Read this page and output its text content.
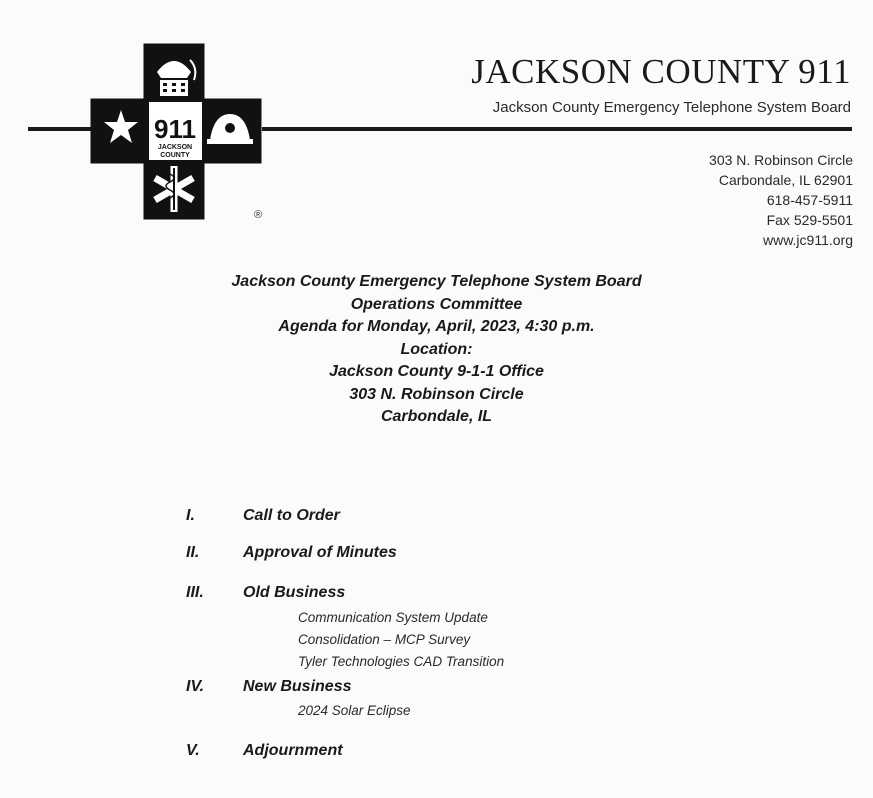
911
JACKSON
COUNTY
JACKSON COUNTY 911
Jackson County Emergency Telephone System Board
®
303 N. Robinson Circle
Carbondale, IL 62901
618-457-5911
Fax 529-5501
www.jc911.org
Jackson County Emergency Telephone System Board
Operations Committee
Agenda for Monday, April, 2023, 4:30 p.m.
Location:
Jackson County 9-1-1 Office
303 N. Robinson Circle
Carbondale, IL
I.	Call to Order
II.	Approval of Minutes
III. Old Business
Communication System Update
Consolidation – MCP Survey
Tyler Technologies CAD Transition
IV. New Business
2024 Solar Eclipse
V.	Adjournment
